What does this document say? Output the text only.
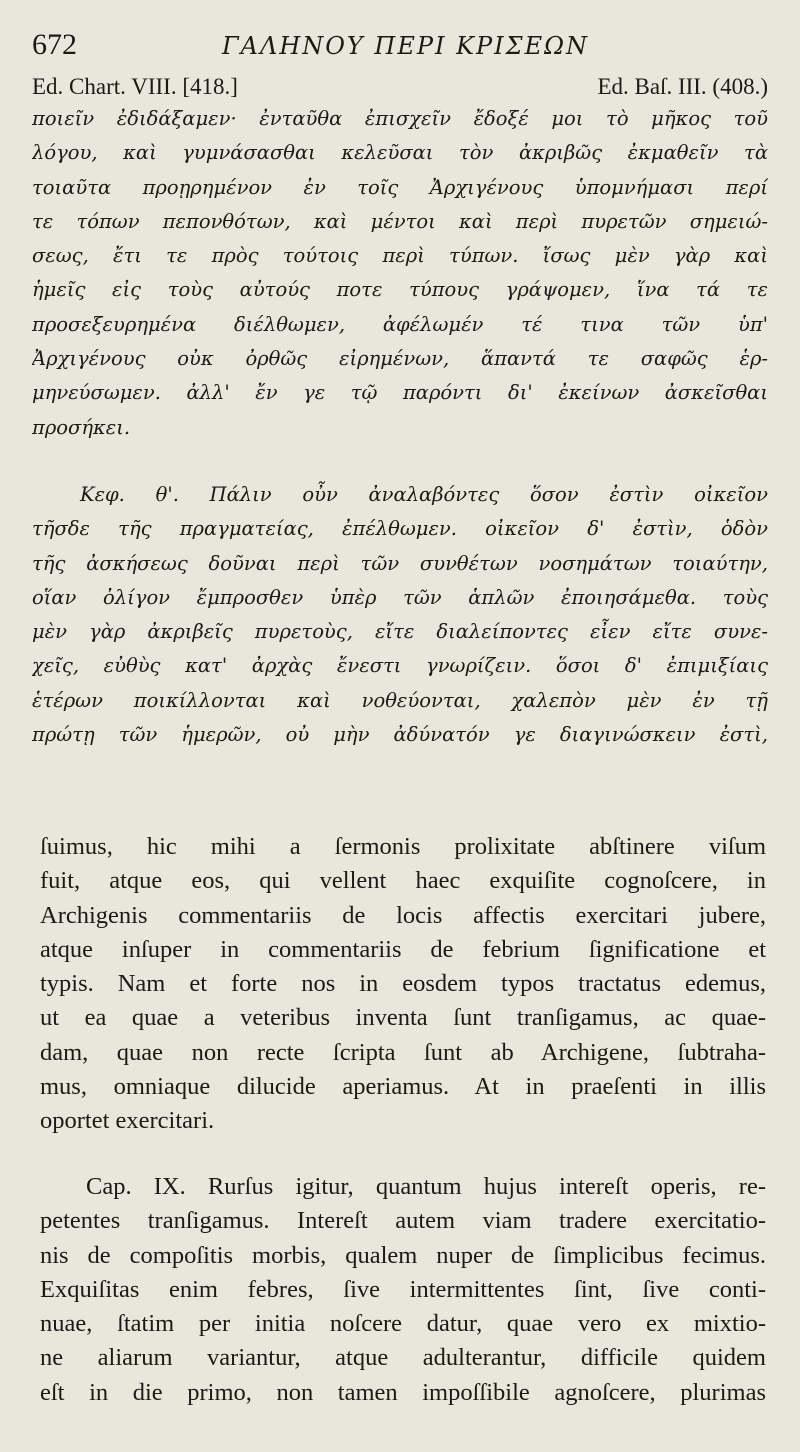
672	ΓΑΛΗΝΟΥ ΠΕΡΙ ΚΡΙΣΕΩΝ
Ed. Chart. VIII. [418.]	Ed. Baſ. III. (408.)
ποιεῖν ἐδιδάξαμεν· ἐνταῦθα ἐπισχεῖν ἔδοξέ μοι τὸ μῆκος τοῦ
λόγου, καὶ γυμνάσασθαι κελεῦσαι τὸν ἀκριβῶς ἐκμαθεῖν τὰ
τοιαῦτα προῃρημένον ἐν τοῖς Ἀρχιγένους ὑπομνήμασι περί
τε τόπων πεπονθότων, καὶ μέντοι καὶ περὶ πυρετῶν σημειώ-
σεως, ἔτι τε πρὸς τούτοις περὶ τύπων. ἴσως μὲν γὰρ καὶ
ἡμεῖς εἰς τοὺς αὐτούς ποτε τύπους γράψομεν, ἵνα τά τε
προσεξευρημένα διέλθωμεν, ἀφέλωμέν τέ τινα τῶν ὑπ'
Ἀρχιγένους οὐκ ὀρθῶς εἰρημένων, ἅπαντά τε σαφῶς ἑρ-
μηνεύσωμεν. ἀλλ' ἔν γε τῷ παρόντι δι' ἐκείνων ἀσκεῖσθαι
προσήκει.
Κεφ. θ'. Πάλιν οὖν ἀναλαβόντες ὅσον ἐστὶν οἰκεῖον
τῆσδε τῆς πραγματείας, ἐπέλθωμεν. οἰκεῖον δ' ἐστὶν, ὁδὸν
τῆς ἀσκήσεως δοῦναι περὶ τῶν συνθέτων νοσημάτων τοιαύτην,
οἵαν ὀλίγον ἔμπροσθεν ὑπὲρ τῶν ἁπλῶν ἐποιησάμεθα. τοὺς
μὲν γὰρ ἀκριβεῖς πυρετοὺς, εἴτε διαλείποντες εἶεν εἴτε συνε-
χεῖς, εὐθὺς κατ' ἀρχὰς ἔνεστι γνωρίζειν. ὅσοι δ' ἐπιμιξίαις
ἑτέρων ποικίλλονται καὶ νοθεύονται, χαλεπὸν μὲν ἐν τῇ
πρώτῃ τῶν ἡμερῶν, οὐ μὴν ἀδύνατόν γε διαγινώσκειν ἐστὶ,
ſuimus, hic mihi a ſermonis prolixitate abſtinere viſum
fuit, atque eos, qui vellent haec exquiſite cognoſcere, in
Archigenis commentariis de locis affectis exercitari jubere,
atque inſuper in commentariis de febrium ſignificatione et
typis. Nam et forte nos in eosdem typos tractatus edemus,
ut ea quae a veteribus inventa ſunt tranſigamus, ac quae-
dam, quae non recte ſcripta ſunt ab Archigene, ſubtraha-
mus, omniaque dilucide aperiamus. At in praeſenti in illis
oportet exercitari.
Cap. IX. Rurſus igitur, quantum hujus intereſt operis, re-
petentes tranſigamus. Intereſt autem viam tradere exercitatio-
nis de compoſitis morbis, qualem nuper de ſimplicibus fecimus.
Exquiſitas enim febres, ſive intermittentes ſint, ſive conti-
nuae, ſtatim per initia noſcere datur, quae vero ex mixtio-
ne aliarum variantur, atque adulterantur, difficile quidem
eſt in die primo, non tamen impoſſibile agnoſcere, plurimas
